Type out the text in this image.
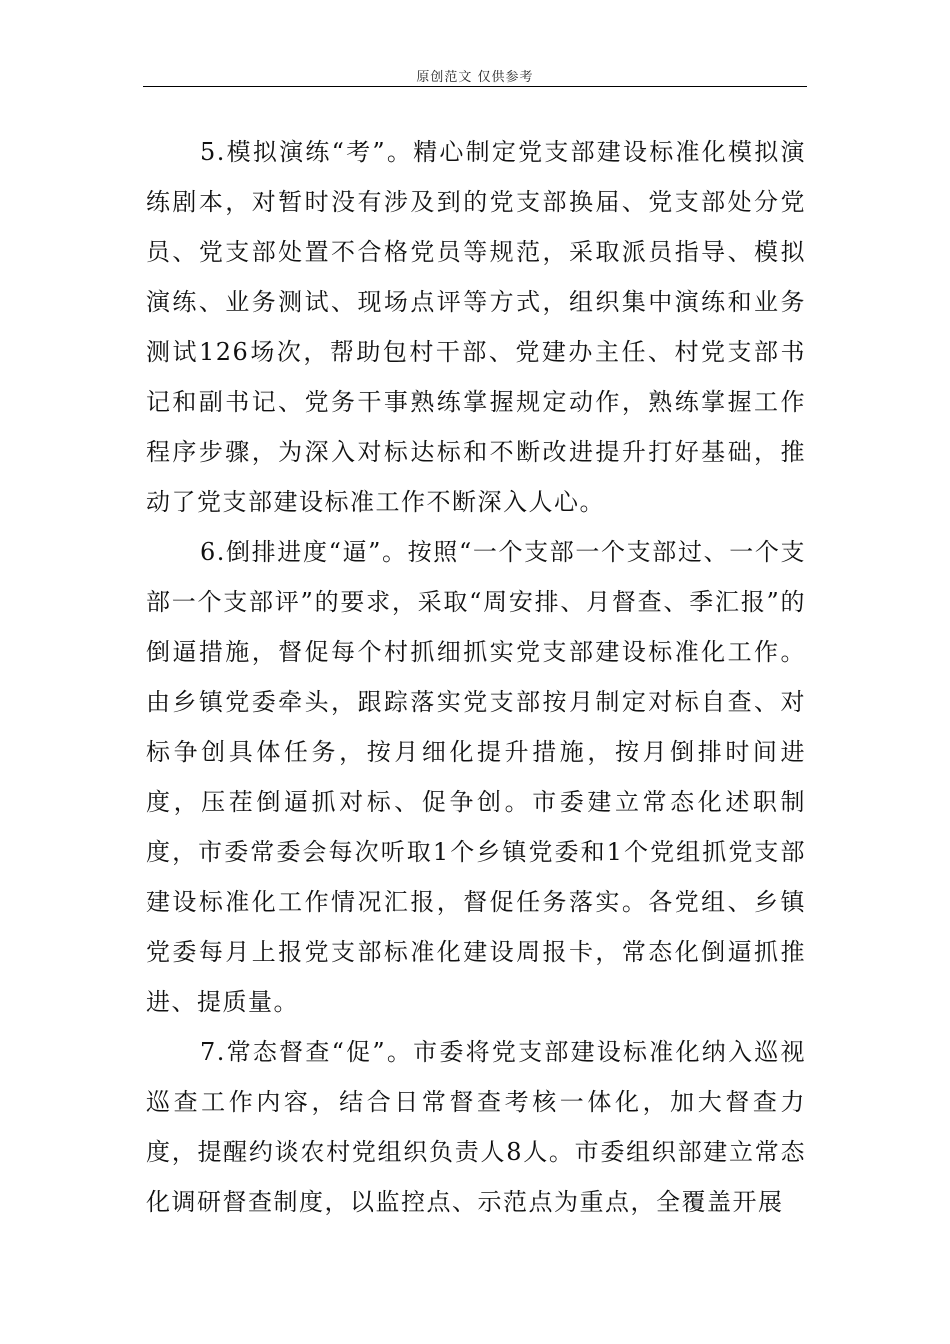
原创范文 仅供参考

5.模拟演练“考”。精心制定党支部建设标准化模拟演练剧本，对暂时没有涉及到的党支部换届、党支部处分党员、党支部处置不合格党员等规范，采取派员指导、模拟演练、业务测试、现场点评等方式，组织集中演练和业务测试126场次，帮助包村干部、党建办主任、村党支部书记和副书记、党务干事熟练掌握规定动作，熟练掌握工作程序步骤，为深入对标达标和不断改进提升打好基础，推动了党支部建设标准工作不断深入人心。

6.倒排进度“逼”。按照“一个支部一个支部过、一个支部一个支部评”的要求，采取“周安排、月督查、季汇报”的倒逼措施，督促每个村抓细抓实党支部建设标准化工作。由乡镇党委牵头，跟踪落实党支部按月制定对标自查、对标争创具体任务，按月细化提升措施，按月倒排时间进度，压茬倒逼抓对标、促争创。市委建立常态化述职制度，市委常委会每次听取1个乡镇党委和1个党组抓党支部建设标准化工作情况汇报，督促任务落实。各党组、乡镇党委每月上报党支部标准化建设周报卡，常态化倒逼抓推进、提质量。

7.常态督查“促”。市委将党支部建设标准化纳入巡视巡查工作内容，结合日常督查考核一体化，加大督查力度，提醒约谈农村党组织负责人8人。市委组织部建立常态化调研督查制度，以监控点、示范点为重点，全覆盖开展
